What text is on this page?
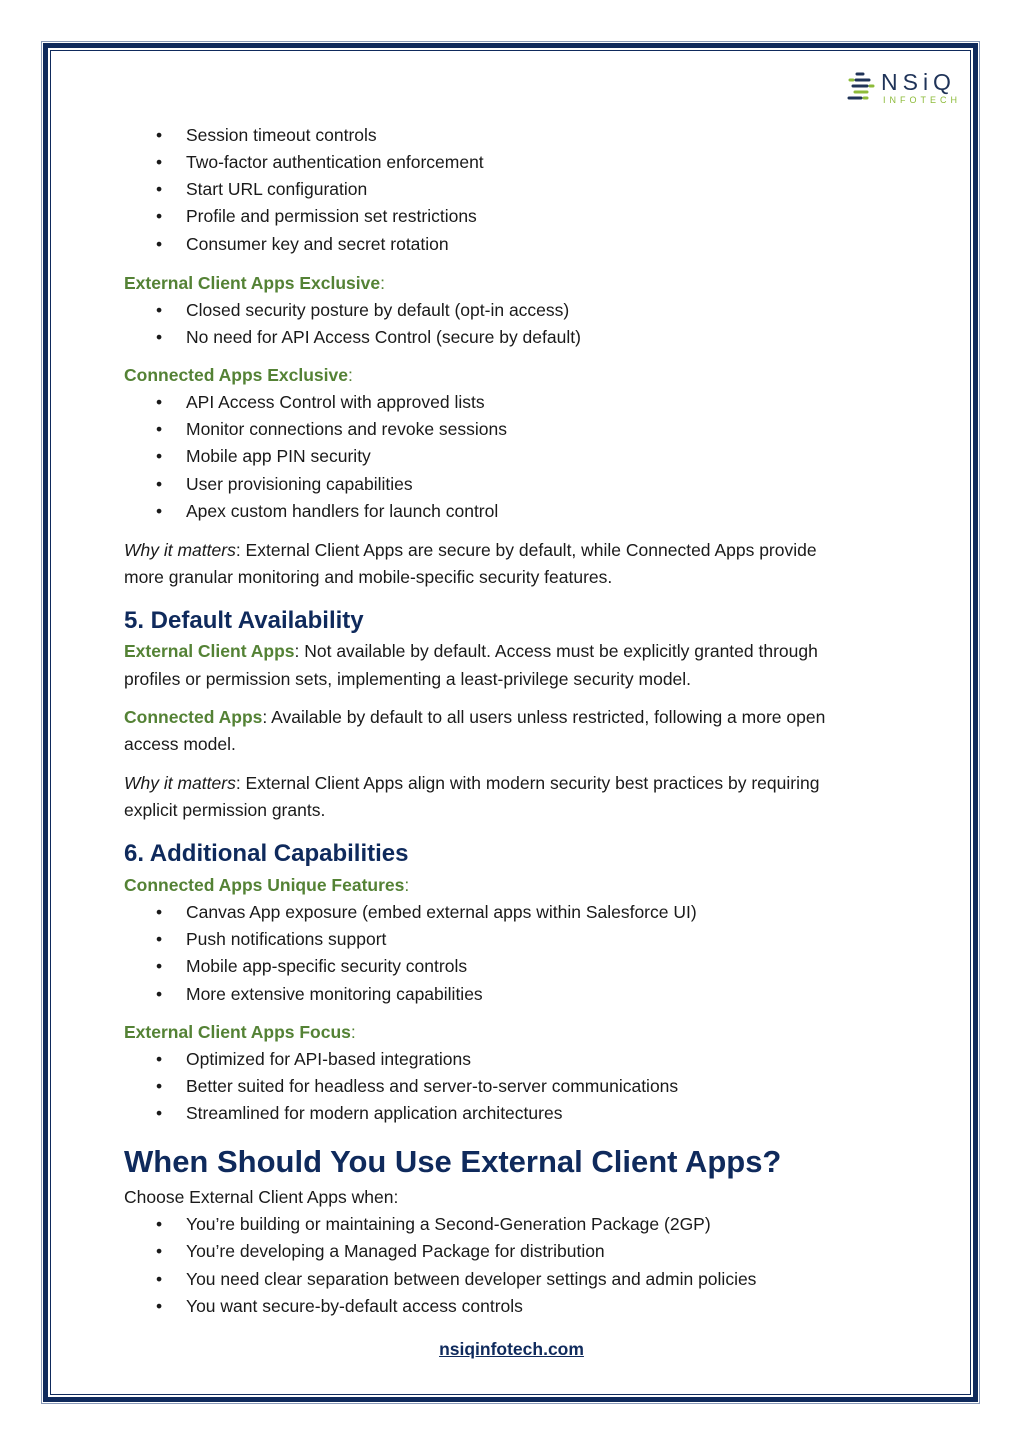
NSiQ
INFOTECH
• Session timeout controls
• Two-factor authentication enforcement
• Start URL configuration
• Profile and permission set restrictions
• Consumer key and secret rotation
External Client Apps Exclusive:
• Closed security posture by default (opt-in access)
• No need for API Access Control (secure by default)
Connected Apps Exclusive:
• API Access Control with approved lists
• Monitor connections and revoke sessions
• Mobile app PIN security
• User provisioning capabilities
• Apex custom handlers for launch control
Why it matters: External Client Apps are secure by default, while Connected Apps provide
more granular monitoring and mobile-specific security features.
5. Default Availability
External Client Apps: Not available by default. Access must be explicitly granted through
profiles or permission sets, implementing a least-privilege security model.
Connected Apps: Available by default to all users unless restricted, following a more open
access model.
Why it matters: External Client Apps align with modern security best practices by requiring
explicit permission grants.
6. Additional Capabilities
Connected Apps Unique Features:
• Canvas App exposure (embed external apps within Salesforce UI)
• Push notifications support
• Mobile app-specific security controls
• More extensive monitoring capabilities
External Client Apps Focus:
• Optimized for API-based integrations
• Better suited for headless and server-to-server communications
• Streamlined for modern application architectures
When Should You Use External Client Apps?
Choose External Client Apps when:
• You’re building or maintaining a Second-Generation Package (2GP)
• You’re developing a Managed Package for distribution
• You need clear separation between developer settings and admin policies
• You want secure-by-default access controls
nsiqinfotech.com
